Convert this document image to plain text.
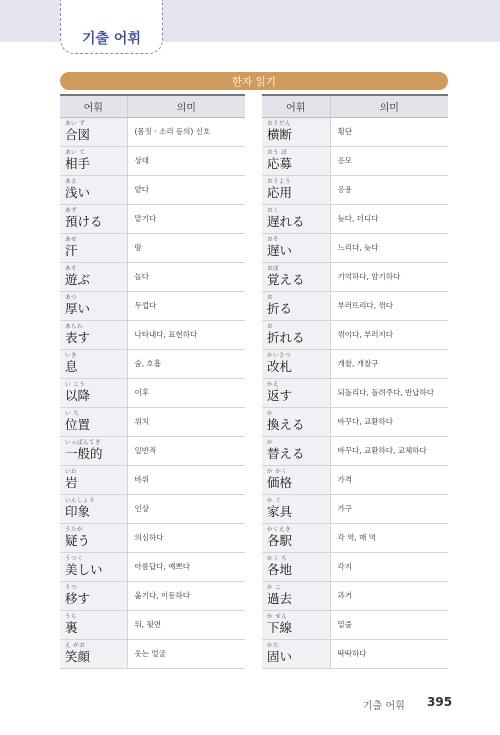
기출 어휘
한자 읽기
어휘	의미

あい ず
合図	(몸짓 · 소리 등의) 신호

あい て
相手	상대

あさ
浅い	얕다

あず
預ける	맡기다

あせ
汗	땀

あそ
遊ぶ	놀다

あつ
厚い	두껍다

あらわ
表す	나타내다, 표현하다

いき
息	숨, 호흡

い こう
以降	이후

い ち
位置	위치

いっぱんてき
一般的	일반적

いわ
岩	바위

いんしょう
印象	인상

うたが
疑う	의심하다

うつく
美しい	아름답다, 예쁘다

うつ
移す	옮기다, 이동하다

うら
裏	뒤, 뒷면

え がお
笑顔	웃는 얼굴
어휘	의미

おうだん
横断	횡단

おう ぼ
応募	응모

おうよう
応用	응용

おく
遅れる	늦다, 더디다

おそ
遅い	느리다, 늦다

おぼ
覚える	기억하다, 암기하다

お
折る	부러뜨리다, 꺾다

お
折れる	꺾이다, 부러지다

かいさつ
改札	개찰, 개찰구

かえ
返す	되돌리다, 돌려주다, 반납하다

か
換える	바꾸다, 교환하다

か
替える	바꾸다, 교환하다, 교체하다

か かく
価格	가격

か ぐ
家具	가구

かくえき
各駅	각 역, 매 역

かく ち
各地	각지

か こ
過去	과거

か せん
下線	밑줄

かた
固い	딱딱하다
기출 어휘 395
